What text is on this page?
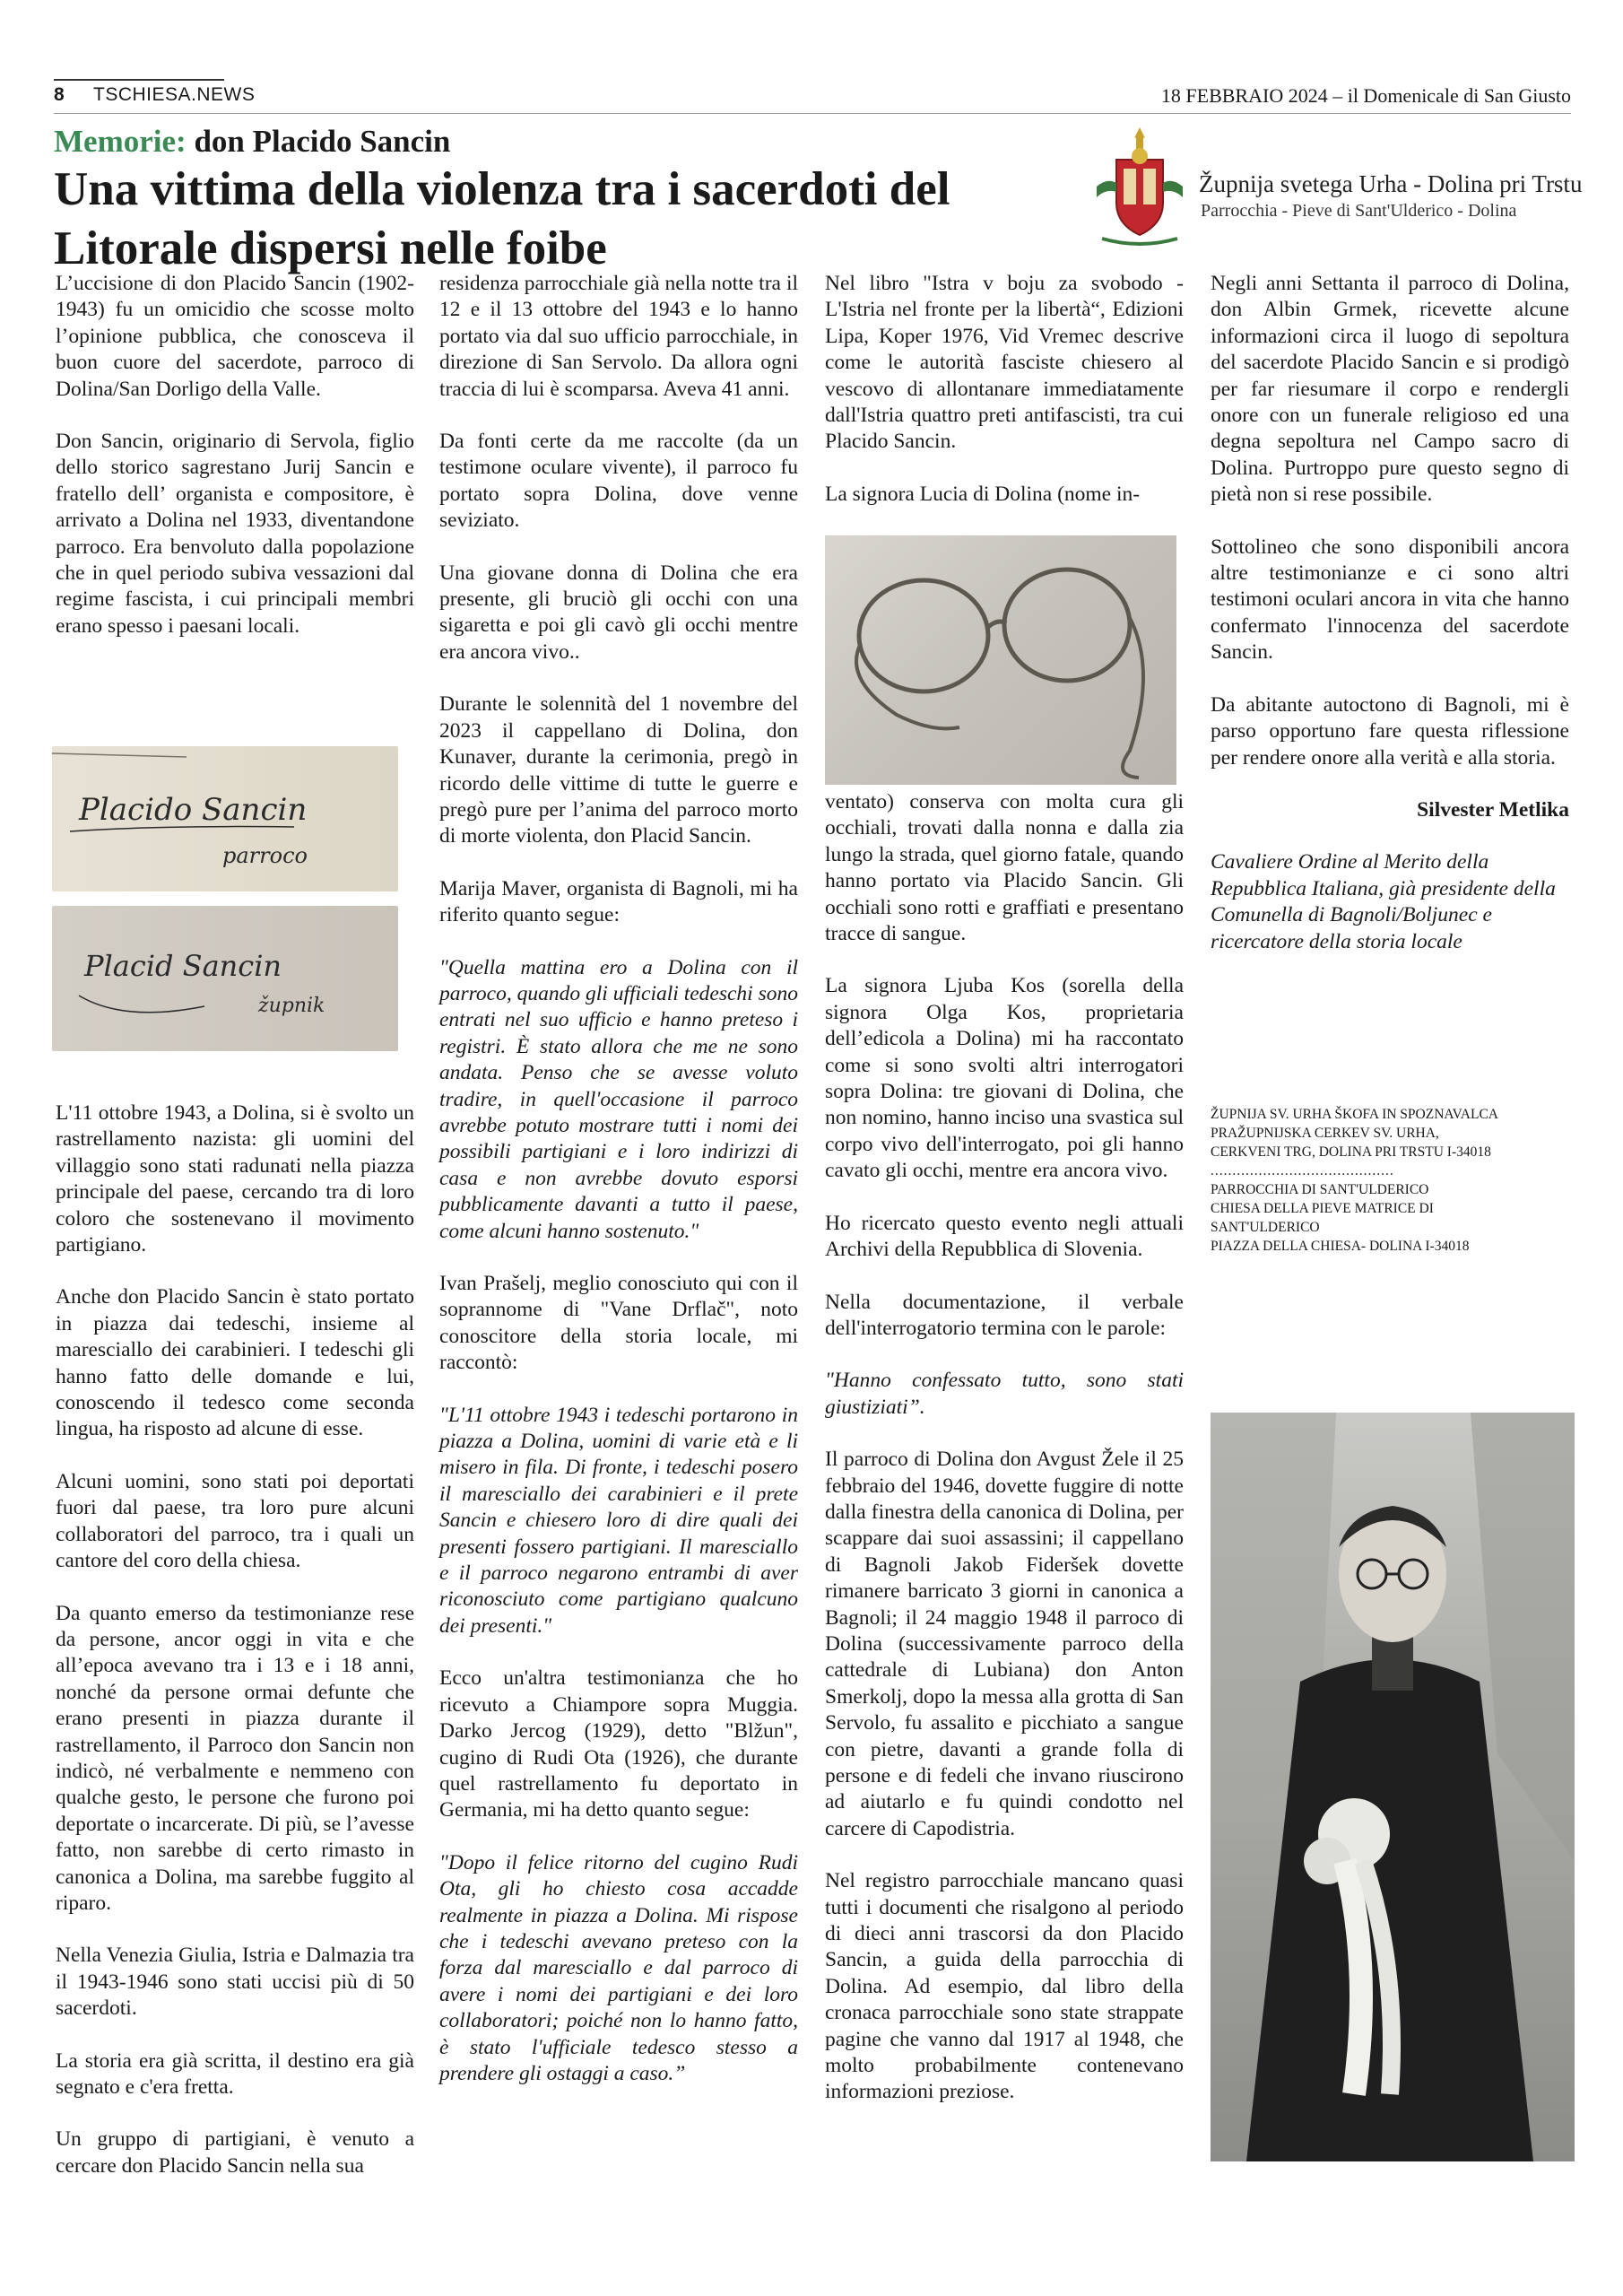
8 TSCHIESA.NEWS	18 FEBBRAIO 2024 – il Domenicale di San Giusto
Memorie: don Placido Sancin
Una vittima della violenza tra i sacerdoti del Litorale dispersi nelle foibe
Župnija svetega Urha - Dolina pri Trstu
Parrocchia - Pieve di Sant'Ulderico - Dolina

L’uccisione di don Placido Sancin (1902-1943) fu un omicidio che scosse molto l’opinione pubblica, che conosceva il buon cuore del sacerdote, parroco di Dolina/San Dorligo della Valle.

Don Sancin, originario di Servola, figlio dello storico sagrestano Jurij Sancin e fratello dell’ organista e compositore, è arrivato a Dolina nel 1933, diventandone parroco. Era benvoluto dalla popolazione che in quel periodo subiva vessazioni dal regime fascista, i cui principali membri erano spesso i paesani locali.

Placido Sancin
parroco
Placid Sancin
župnik

L'11 ottobre 1943, a Dolina, si è svolto un rastrellamento nazista: gli uomini del villaggio sono stati radunati nella piazza principale del paese, cercando tra di loro coloro che sostenevano il movimento partigiano.

Anche don Placido Sancin è stato portato in piazza dai tedeschi, insieme al maresciallo dei carabinieri. I tedeschi gli hanno fatto delle domande e lui, conoscendo il tedesco come seconda lingua, ha risposto ad alcune di esse.

Alcuni uomini, sono stati poi deportati fuori dal paese, tra loro pure alcuni collaboratori del parroco, tra i quali un cantore del coro della chiesa.

Da quanto emerso da testimonianze rese da persone, ancor oggi in vita e che all’epoca avevano tra i 13 e i 18 anni, nonché da persone ormai defunte che erano presenti in piazza durante il rastrellamento, il Parroco don Sancin non indicò, né verbalmente e nemmeno con qualche gesto, le persone che furono poi deportate o incarcerate. Di più, se l’avesse fatto, non sarebbe di certo rimasto in canonica a Dolina, ma sarebbe fuggito al riparo.

Nella Venezia Giulia, Istria e Dalmazia tra il 1943-1946 sono stati uccisi più di 50 sacerdoti.

La storia era già scritta, il destino era già segnato e c'era fretta.

Un gruppo di partigiani, è venuto a cercare don Placido Sancin nella sua

residenza parrocchiale già nella notte tra il 12 e il 13 ottobre del 1943 e lo hanno portato via dal suo ufficio parrocchiale, in direzione di San Servolo. Da allora ogni traccia di lui è scomparsa. Aveva 41 anni.

Da fonti certe da me raccolte (da un testimone oculare vivente), il parroco fu portato sopra Dolina, dove venne seviziato.

Una giovane donna di Dolina che era presente, gli bruciò gli occhi con una sigaretta e poi gli cavò gli occhi mentre era ancora vivo..

Durante le solennità del 1 novembre del 2023 il cappellano di Dolina, don Kunaver, durante la cerimonia, pregò in ricordo delle vittime di tutte le guerre e pregò pure per l’anima del parroco morto di morte violenta, don Placid Sancin.

Marija Maver, organista di Bagnoli, mi ha riferito quanto segue:

"Quella mattina ero a Dolina con il parroco, quando gli ufficiali tedeschi sono entrati nel suo ufficio e hanno preteso i registri. È stato allora che me ne sono andata. Penso che se avesse voluto tradire, in quell'occasione il parroco avrebbe potuto mostrare tutti i nomi dei possibili partigiani e i loro indirizzi di casa e non avrebbe dovuto esporsi pubblicamente davanti a tutto il paese, come alcuni hanno sostenuto."

Ivan Prašelj, meglio conosciuto qui con il soprannome di "Vane Drflač", noto conoscitore della storia locale, mi raccontò:

"L'11 ottobre 1943 i tedeschi portarono in piazza a Dolina, uomini di varie età e li misero in fila. Di fronte, i tedeschi posero il maresciallo dei carabinieri e il prete Sancin e chiesero loro di dire quali dei presenti fossero partigiani. Il maresciallo e il parroco negarono entrambi di aver riconosciuto come partigiano qualcuno dei presenti."

Ecco un'altra testimonianza che ho ricevuto a Chiampore sopra Muggia. Darko Jercog (1929), detto "Blžun", cugino di Rudi Ota (1926), che durante quel rastrellamento fu deportato in Germania, mi ha detto quanto segue:

"Dopo il felice ritorno del cugino Rudi Ota, gli ho chiesto cosa accadde realmente in piazza a Dolina. Mi rispose che i tedeschi avevano preteso con la forza dal maresciallo e dal parroco di avere i nomi dei partigiani e dei loro collaboratori; poiché non lo hanno fatto, è stato l'ufficiale tedesco stesso a prendere gli ostaggi a caso.”

Nel libro "Istra v boju za svobodo - L'Istria nel fronte per la libertà“, Edizioni Lipa, Koper 1976, Vid Vremec descrive come le autorità fasciste chiesero al vescovo di allontanare immediatamente dall'Istria quattro preti antifascisti, tra cui Placido Sancin.

La signora Lucia di Dolina (nome in-

ventato) conserva con molta cura gli occhiali, trovati dalla nonna e dalla zia lungo la strada, quel giorno fatale, quando hanno portato via Placido Sancin. Gli occhiali sono rotti e graffiati e presentano tracce di sangue.

La signora Ljuba Kos (sorella della signora Olga Kos, proprietaria dell’edicola a Dolina) mi ha raccontato come si sono svolti altri interrogatori sopra Dolina: tre giovani di Dolina, che non nomino, hanno inciso una svastica sul corpo vivo dell'interrogato, poi gli hanno cavato gli occhi, mentre era ancora vivo.

Ho ricercato questo evento negli attuali Archivi della Repubblica di Slovenia.

Nella documentazione, il verbale dell'interrogatorio termina con le parole:

"Hanno confessato tutto, sono stati giustiziati”.

Il parroco di Dolina don Avgust Žele il 25 febbraio del 1946, dovette fuggire di notte dalla finestra della canonica di Dolina, per scappare dai suoi assassini; il cappellano di Bagnoli Jakob Fideršek dovette rimanere barricato 3 giorni in canonica a Bagnoli; il 24 maggio 1948 il parroco di Dolina (successivamente parroco della cattedrale di Lubiana) don Anton Smerkolj, dopo la messa alla grotta di San Servolo, fu assalito e picchiato a sangue con pietre, davanti a grande folla di persone e di fedeli che invano riuscirono ad aiutarlo e fu quindi condotto nel carcere di Capodistria.

Nel registro parrocchiale mancano quasi tutti i documenti che risalgono al periodo di dieci anni trascorsi da don Placido Sancin, a guida della parrocchia di Dolina. Ad esempio, dal libro della cronaca parrocchiale sono state strappate pagine che vanno dal 1917 al 1948, che molto probabilmente contenevano informazioni preziose.

Negli anni Settanta il parroco di Dolina, don Albin Grmek, ricevette alcune informazioni circa il luogo di sepoltura del sacerdote Placido Sancin e si prodigò per far riesumare il corpo e rendergli onore con un funerale religioso ed una degna sepoltura nel Campo sacro di Dolina. Purtroppo pure questo segno di pietà non si rese possibile.

Sottolineo che sono disponibili ancora altre testimonianze e ci sono altri testimoni oculari ancora in vita che hanno confermato l'innocenza del sacerdote Sancin.

Da abitante autoctono di Bagnoli, mi è parso opportuno fare questa riflessione per rendere onore alla verità e alla storia.

Silvester Metlika

Cavaliere Ordine al Merito della Repubblica Italiana, già presidente della Comunella di Bagnoli/Boljunec e ricercatore della storia locale

ŽUPNIJA SV. URHA ŠKOFA IN SPOZNAVALCA
PRAŽUPNIJSKA CERKEV SV. URHA,
CERKVENI TRG, DOLINA PRI TRSTU I-34018
..........................................
PARROCCHIA DI SANT'ULDERICO
CHIESA DELLA PIEVE MATRICE DI
SANT'ULDERICO
PIAZZA DELLA CHIESA- DOLINA I-34018
